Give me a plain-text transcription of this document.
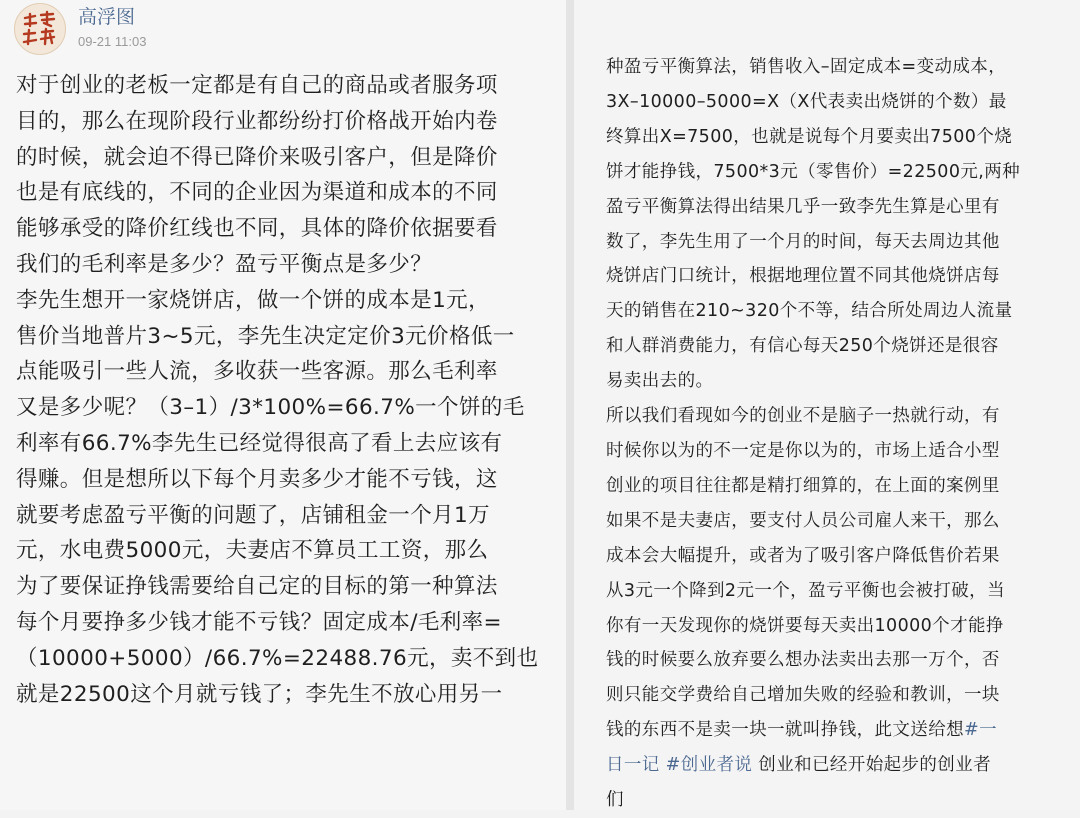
高浮图
09-21 11:03
对于创业的老板一定都是有自己的商品或者服务项
目的，那么在现阶段行业都纷纷打价格战开始内卷
的时候，就会迫不得已降价来吸引客户，但是降价
也是有底线的，不同的企业因为渠道和成本的不同
能够承受的降价红线也不同，具体的降价依据要看
我们的毛利率是多少？盈亏平衡点是多少？
李先生想开一家烧饼店，做一个饼的成本是1元，
售价当地普片3~5元，李先生决定定价3元价格低一
点能吸引一些人流，多收获一些客源。那么毛利率
又是多少呢？（3–1）/3*100%=66.7%一个饼的毛
利率有66.7%李先生已经觉得很高了看上去应该有
得赚。但是想所以下每个月卖多少才能不亏钱，这
就要考虑盈亏平衡的问题了，店铺租金一个月1万
元，水电费5000元，夫妻店不算员工工资，那么
为了要保证挣钱需要给自己定的目标的第一种算法
每个月要挣多少钱才能不亏钱？固定成本/毛利率=
（10000+5000）/66.7%=22488.76元，卖不到也
就是22500这个月就亏钱了；李先生不放心用另一
种盈亏平衡算法，销售收入–固定成本=变动成本，
3X–10000–5000=X（X代表卖出烧饼的个数）最
终算出X=7500，也就是说每个月要卖出7500个烧
饼才能挣钱，7500*3元（零售价）=22500元,两种
盈亏平衡算法得出结果几乎一致李先生算是心里有
数了，李先生用了一个月的时间，每天去周边其他
烧饼店门口统计，根据地理位置不同其他烧饼店每
天的销售在210~320个不等，结合所处周边人流量
和人群消费能力，有信心每天250个烧饼还是很容
易卖出去的。
所以我们看现如今的创业不是脑子一热就行动，有
时候你以为的不一定是你以为的，市场上适合小型
创业的项目往往都是精打细算的，在上面的案例里
如果不是夫妻店，要支付人员公司雇人来干，那么
成本会大幅提升，或者为了吸引客户降低售价若果
从3元一个降到2元一个，盈亏平衡也会被打破，当
你有一天发现你的烧饼要每天卖出10000个才能挣
钱的时候要么放弃要么想办法卖出去那一万个，否
则只能交学费给自己增加失败的经验和教训，一块
钱的东西不是卖一块一就叫挣钱，此文送给想#一
日一记 #创业者说 创业和已经开始起步的创业者
们
